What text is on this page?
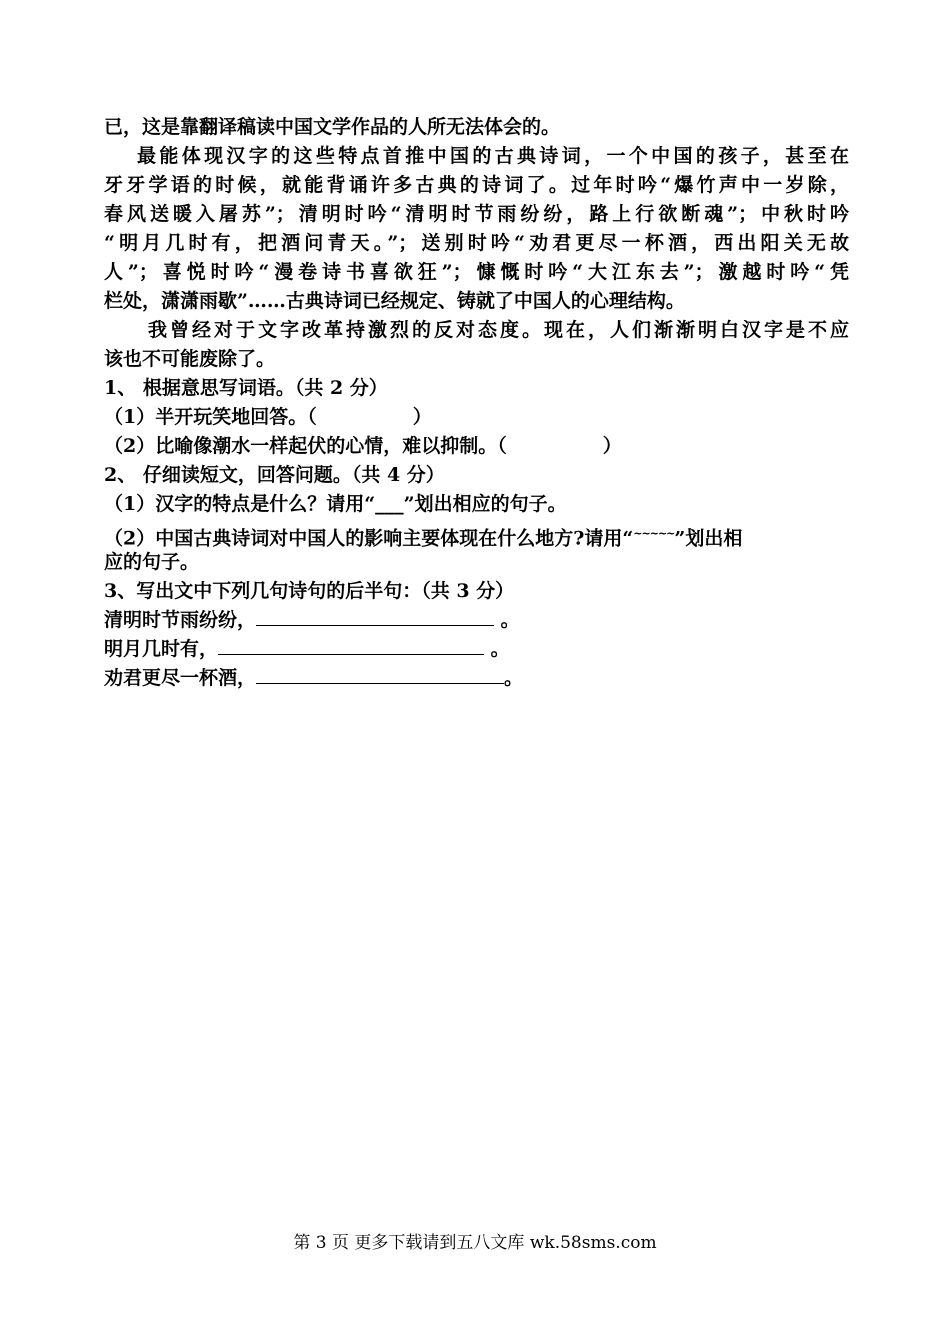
已，这是靠翻译稿读中国文学作品的人所无法体会的。
最能体现汉字的这些特点首推中国的古典诗词，一个中国的孩子，甚至在
牙牙学语的时候，就能背诵许多古典的诗词了。过年时吟“爆竹声中一岁除，
春风送暖入屠苏”；清明时吟“清明时节雨纷纷，路上行欲断魂”；中秋时吟
“明月几时有，把酒问青天。”；送别时吟“劝君更尽一杯酒，西出阳关无故
人”；喜悦时吟“漫卷诗书喜欲狂”；慷慨时吟“大江东去”；激越时吟“凭
栏处，潇潇雨歇”……古典诗词已经规定、铸就了中国人的心理结构。
我曾经对于文字改革持激烈的反对态度。现在，人们渐渐明白汉字是不应
该也不可能废除了。
1、 根据意思写词语。（共 2 分）
（1）半开玩笑地回答。（	）
（2）比喻像潮水一样起伏的心情，难以抑制。（	）
2、 仔细读短文，回答问题。（共 4 分）
（1）汉字的特点是什么？请用“___”划出相应的句子。
（2）中国古典诗词对中国人的影响主要体现在什么地方?请用“~~~~~”划出相
应的句子。
3、写出文中下列几句诗句的后半句：（共 3 分）
清明时节雨纷纷，	。
明月几时有，	。
劝君更尽一杯酒，	。
第 3 页 更多下载请到五八文库 wk.58sms.com
